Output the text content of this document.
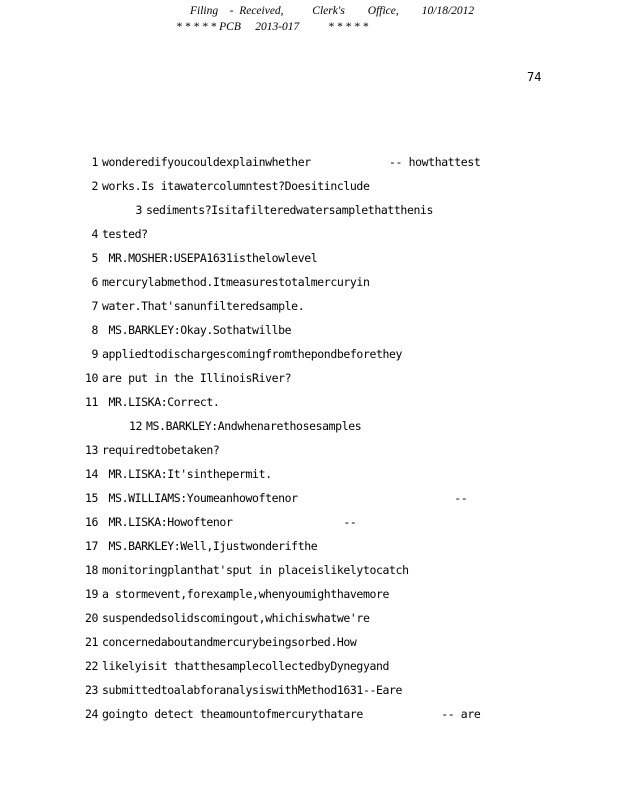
Filing    -  Received,          Clerk's        Office,        10/18/2012
* * * * * PCB     2013-017          * * * * *
74
1 wonderedifyoucouldexplainwhether            -- howthattest
2 works.Is itawatercolumntest?Doesitinclude
3 sediments?Isitafilteredwatersamplethatthenis
4 tested?
5 MR.MOSHER:USEPA1631isthelowlevel
6 mercurylabmethod.Itmeasurestotalmercuryin
7 water.That'sanunfilteredsample.
8 MS.BARKLEY:Okay.Sothatwillbe
9 appliedtodischargescomingfromthepondbeforethey
10 are put in the IllinoisRiver?
11 MR.LISKA:Correct.
12 MS.BARKLEY:Andwhenarethosesamples
13 requiredtobetaken?
14 MR.LISKA:It'sinthepermit.
15 MS.WILLIAMS:Youmeanhowoftenor                        --
16 MR.LISKA:Howoftenor                 --
17 MS.BARKLEY:Well,Ijustwonderifthe
18 monitoringplanthat'sput in placeislikelytocatch
19 a stormevent,forexample,whenyoumighthavemore
20 suspendedsolidscomingout,whichiswhatwe're
21 concernedaboutandmercurybeingsorbed.How
22 likelyisit thatthesamplecollectedbyDynegyand
23 submittedtoalabforanalysiswithMethod1631--Eare
24 goingto detect theamountofmercurythatare            -- are
